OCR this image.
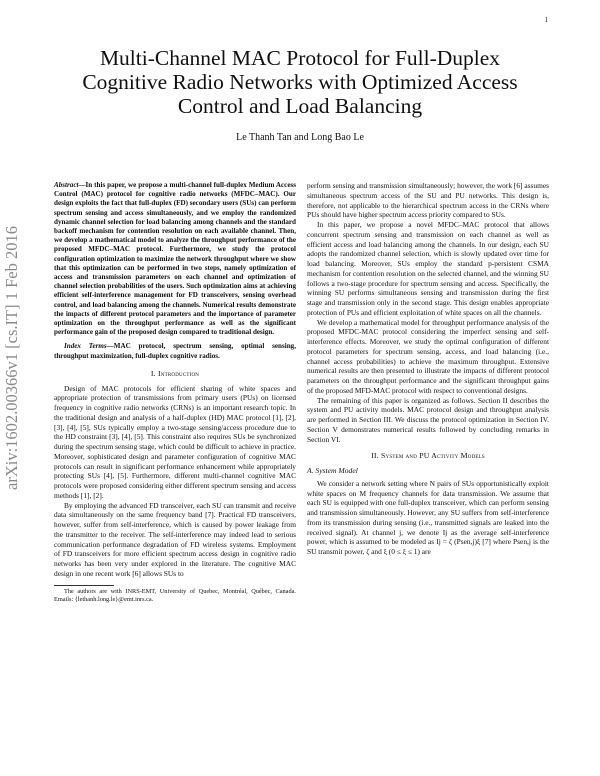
1
arXiv:1602.00366v1 [cs.IT] 1 Feb 2016
Multi-Channel MAC Protocol for Full-Duplex Cognitive Radio Networks with Optimized Access Control and Load Balancing
Le Thanh Tan and Long Bao Le

Abstract—In this paper, we propose a multi-channel full-duplex Medium Access Control (MAC) protocol for cognitive radio networks (MFDC–MAC). Our design exploits the fact that full-duplex (FD) secondary users (SUs) can perform spectrum sensing and access simultaneously, and we employ the randomized dynamic channel selection for load balancing among channels and the standard backoff mechanism for contention resolution on each available channel. Then, we develop a mathematical model to analyze the throughput performance of the proposed MFDC–MAC protocol. Furthermore, we study the protocol configuration optimization to maximize the network throughput where we show that this optimization can be performed in two steps, namely optimization of access and transmission parameters on each channel and optimization of channel selection probabilities of the users. Such optimization aims at achieving efficient self-interference management for FD transceivers, sensing overhead control, and load balancing among the channels. Numerical results demonstrate the impacts of different protocol parameters and the importance of parameter optimization on the throughput performance as well as the significant performance gain of the proposed design compared to traditional design.

Index Terms—MAC protocol, spectrum sensing, optimal sensing, throughput maximization, full-duplex cognitive radios.

I. Introduction

Design of MAC protocols for efficient sharing of white spaces and appropriate protection of transmissions from primary users (PUs) on licensed frequency in cognitive radio networks (CRNs) is an important research topic. In the traditional design and analysis of a half-duplex (HD) MAC protocol [1], [2], [3], [4], [5], SUs typically employ a two-stage sensing/access procedure due to the HD constraint [3], [4], [5]. This constraint also requires SUs be synchronized during the spectrum sensing stage, which could be difficult to achieve in practice. Moreover, sophisticated design and parameter configuration of cognitive MAC protocols can result in significant performance enhancement while appropriately protecting SUs [4], [5]. Furthermore, different multi-channel cognitive MAC protocols were proposed considering either different spectrum sensing and access methods [1], [2].

By employing the advanced FD transceiver, each SU can transmit and receive data simultaneously on the same frequency band [7]. Practical FD transceivers, however, suffer from self-interference, which is caused by power leakage from the transmitter to the receiver. The self-interference may indeed lead to serious communication performance degradation of FD wireless systems. Employment of FD transceivers for more efficient spectrum access design in cognitive radio networks has been very under explored in the literature. The cognitive MAC design in one recent work [6] allows SUs to

The authors are with INRS-EMT, University of Quebec, Montréal, Québec, Canada. Emails: {lethanh.long.le}@emt.inrs.ca.

perform sensing and transmission simultaneously; however, the work [6] assumes simultaneous spectrum access of the SU and PU networks. This design is, therefore, not applicable to the hierarchical spectrum access in the CRNs where PUs should have higher spectrum access priority compared to SUs.

In this paper, we propose a novel MFDC–MAC protocol that allows concurrent spectrum sensing and transmission on each channel as well as efficient access and load balancing among the channels. In our design, each SU adopts the randomized channel selection, which is slowly updated over time for load balancing. Moreover, SUs employ the standard p-persistent CSMA mechanism for contention resolution on the selected channel, and the winning SU follows a two-stage procedure for spectrum sensing and access. Specifically, the winning SU performs simultaneous sensing and transmission during the first stage and transmission only in the second stage. This design enables appropriate protection of PUs and efficient exploitation of white spaces on all the channels.

We develop a mathematical model for throughput performance analysis of the proposed MFDC-MAC protocol considering the imperfect sensing and self-interference effects. Moreover, we study the optimal configuration of different protocol parameters for spectrum sensing, access, and load balancing (i.e., channel access probabilities) to achieve the maximum throughput. Extensive numerical results are then presented to illustrate the impacts of different protocol parameters on the throughput performance and the significant throughput gains of the proposed MFD-MAC protocol with respect to conventional designs.

The remaining of this paper is organized as follows. Section II describes the system and PU activity models. MAC protocol design and throughput analysis are performed in Section III. We discuss the protocol optimization in Section IV. Section V demonstrates numerical results followed by concluding remarks in Section VI.

II. System and PU Activity Models
A. System Model

We consider a network setting where N pairs of SUs opportunistically exploit white spaces on M frequency channels for data transmission. We assume that each SU is equipped with one full-duplex transceiver, which can perform sensing and transmission simultaneously. However, any SU suffers from self-interference from its transmission during sensing (i.e., transmitted signals are leaked into the received signal). At channel j, we denote Ij as the average self-interference power, which is assumed to be modeled as Ij = ζ (Psen,j)ξ [7] where Psen,j is the SU transmit power, ζ and ξ (0 ≤ ξ ≤ 1) are
